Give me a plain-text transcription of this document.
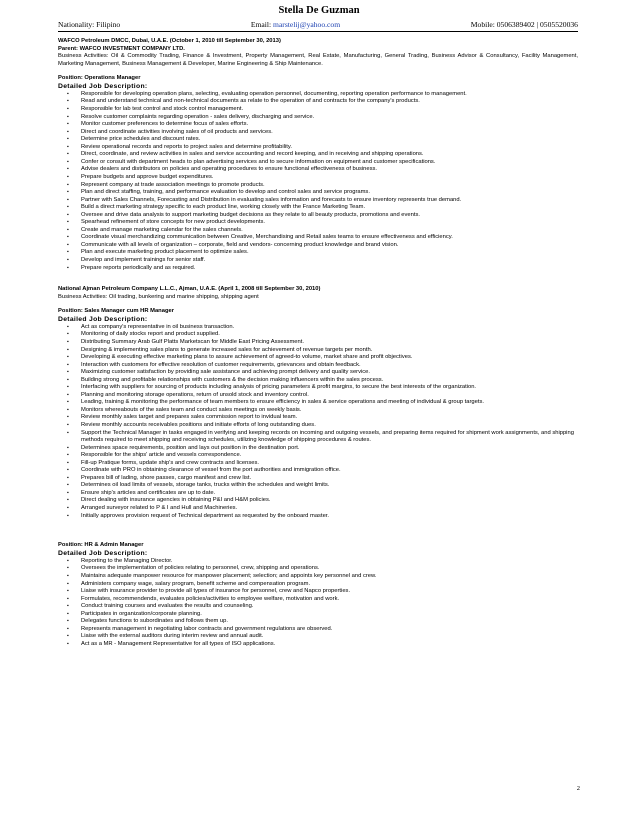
Stella De Guzman
Nationality: Filipino	Email: marstelij@yahoo.com	Mobile: 0506389402 | 0505520036
WAFCO Petroleum DMCC, Dubai, U.A.E. (October 1, 2010 till September 30, 2013)
Parent: WAFCO INVESTMENT COMPANY LTD.
Business Activities: Oil & Commodity Trading, Finance & Investment, Property Management, Real Estate, Manufacturing, General Trading, Business Advisor & Consultancy, Facility Management, Marketing Management, Business Management & Developer, Marine Engineering & Ship Maintenance.
Position: Operations Manager
Detailed Job Description:
▪ Responsible for developing operation plans, selecting, evaluating operation personnel, documenting, reporting operation performance to management.
▪ Read and understand technical and non-technical documents as relate to the operation of and contracts for the company's products.
▪ Responsible for lab test control and stock control management.
▪ Resolve customer complaints regarding operation - sales delivery, discharging and service.
▪ Monitor customer preferences to determine focus of sales efforts.
▪ Direct and coordinate activities involving sales of oil products and services.
▪ Determine price schedules and discount rates.
▪ Review operational records and reports to project sales and determine profitability.
▪ Direct, coordinate, and review activities in sales and service accounting and record keeping, and in receiving and shipping operations.
▪ Confer or consult with department heads to plan advertising services and to secure information on equipment and customer specifications.
▪ Advise dealers and distributors on policies and operating procedures to ensure functional effectiveness of business.
▪ Prepare budgets and approve budget expenditures.
▪ Represent company at trade association meetings to promote products.
▪ Plan and direct staffing, training, and performance evaluation to develop and control sales and service programs.
▪ Partner with Sales Channels, Forecasting and Distribution in evaluating sales information and forecasts to ensure inventory represents true demand.
▪ Build a direct marketing strategy specific to each product line, working closely with the France Marketing Team.
▪ Oversee and drive data analysis to support marketing budget decisions as they relate to all beauty products, promotions and events.
▪ Spearhead refinement of store concepts for new product developments.
▪ Create and manage marketing calendar for the sales channels.
▪ Coordinate visual merchandizing communication between Creative, Merchandising and Retail sales teams to ensure effectiveness and efficiency.
▪ Communicate with all levels of organization – corporate, field and vendors- concerning product knowledge and brand vision.
▪ Plan and execute marketing product placement to optimize sales.
▪ Develop and implement trainings for senior staff.
▪ Prepare reports periodically and as required.
National Ajman Petroleum Company L.L.C., Ajman, U.A.E. (April 1, 2008 till September 30, 2010)
Business Activities: Oil trading, bunkering and marine shipping, shipping agent
Position: Sales Manager cum HR Manager
Detailed Job Description:
▪ Act as company's representative in oil business transaction.
▪ Monitoring of daily stocks report and product supplied.
▪ Distributing Summary Arab Gulf Platts Marketscan for Middle East Pricing Assessment.
▪ Designing & implementing sales plans to generate increased sales for achievement of revenue targets per month.
▪ Developing & executing effective marketing plans to assure achievement of agreed-to volume, market share and profit objectives.
▪ Interaction with customers for effective resolution of customer requirements, grievances and obtain feedback.
▪ Maximizing customer satisfaction by providing sale assistance and achieving prompt delivery and quality service.
▪ Building strong and profitable relationships with customers & the decision making influencers within the sales process.
▪ Interfacing with suppliers for sourcing of products including analysis of pricing parameters & profit margins, to secure the best interests of the organization.
▪ Planning and monitoring storage operations, return of unsold stock and inventory control.
▪ Leading, training & monitoring the performance of team members to ensure efficiency in sales & service operations and meeting of individual & group targets.
▪ Monitors whereabouts of the sales team and conduct sales meetings on weekly basis.
▪ Review monthly sales target and prepares sales commission report to invidual team.
▪ Review monthly accounts receivables positions and initiate efforts of long outstanding dues.
▪ Support the Technical Manager in tasks engaged in verifying and keeping records on incoming and outgoing vessels, and preparing items required for shipment work assignments, and shipping methods required to meet shipping and receiving schedules, utilizing knowledge of shipping procedures & routes.
▪ Determines space requirements, position and lays out position in the destination port.
▪ Responsible for the ships' article and vessels correspondence.
▪ Fill-up Pratique forms, update ship's and crew contracts and licenses.
▪ Coordinate with PRO in obtaining clearance of vessel from the port authorities and immigration office.
▪ Prepares bill of lading, shore passes, cargo manifest and crew list.
▪ Determines oil load limits of vessels, storage tanks, trucks within the schedules and weight limits.
▪ Ensure ship's articles and certificates are up to date.
▪ Direct dealing with insurance agencies in obtaining P&I and H&M policies.
▪ Arranged surveyor related to P & I and Hull and Machineries.
▪ Initially approves provision request of Technical department as requested by the onboard master.
Position: HR & Admin Manager
Detailed Job Description:
▪ Reporting to the Managing Director.
▪ Oversees the implementation of policies relating to personnel, crew, shipping and operations.
▪ Maintains adequate manpower resource for manpower placement; selection; and appoints key personnel and crew.
▪ Administers company wage, salary program, benefit scheme and compensation program.
▪ Liaise with insurance provider to provide all types of insurance for personnel, crew and Napco properties.
▪ Formulates, recommendends, evaluates policies/activities to employee welfare, motivation and work.
▪ Conduct training courses and evaluates the results and counseling.
▪ Participates in organization/corporate planning.
▪ Delegates functions to subordinates and follows them up.
▪ Represents management in negotiating labor contracts and government regulations are observed.
▪ Liaise with the external auditors during interim review and annual audit.
▪ Act as a MR - Management Representative for all types of ISO applications.
2
